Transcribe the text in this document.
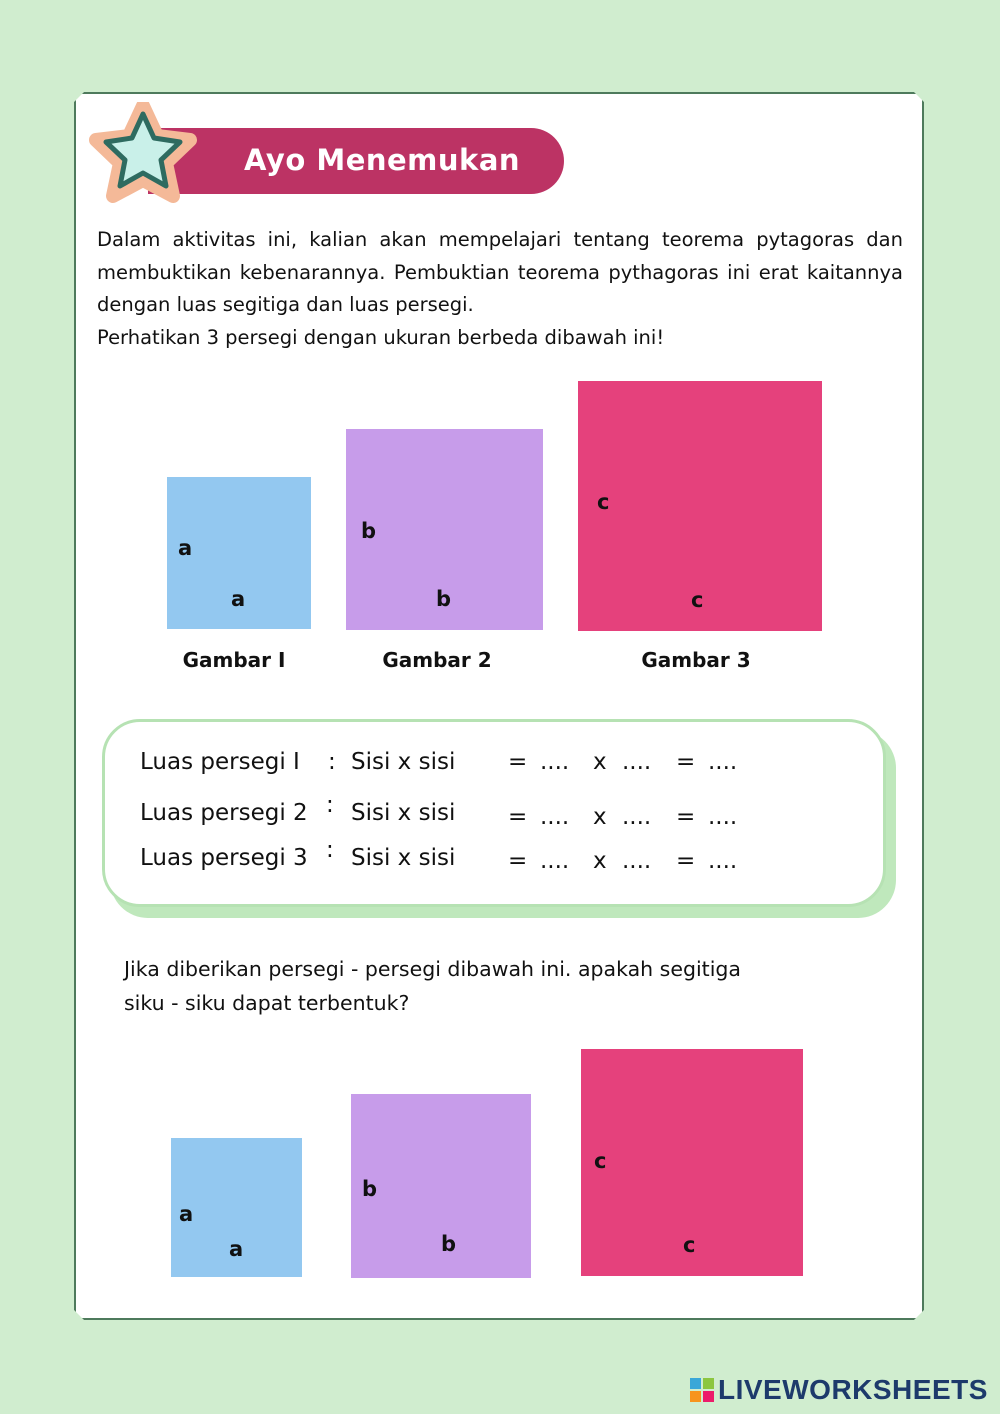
Ayo Menemukan

Dalam aktivitas ini, kalian akan mempelajari tentang teorema pytagoras dan membuktikan kebenarannya. Pembuktian teorema pythagoras ini erat kaitannya dengan luas segitiga dan luas persegi.

Perhatikan 3 persegi dengan ukuran berbeda dibawah ini!

a
a
Gambar I
b
b
Gambar 2
c
c
Gambar 3

Luas persegi I

:

Sisi x sisi

=

....

x

....

=

....

Luas persegi 2

:

Sisi x sisi

=

....

x

....

=

....

Luas persegi 3

:

Sisi x sisi

=

....

x

....

=

....

Jika diberikan persegi - persegi dibawah ini. apakah segitiga

siku - siku dapat terbentuk?

a
a
b
b
c
c
LIVEWORKSHEETS
